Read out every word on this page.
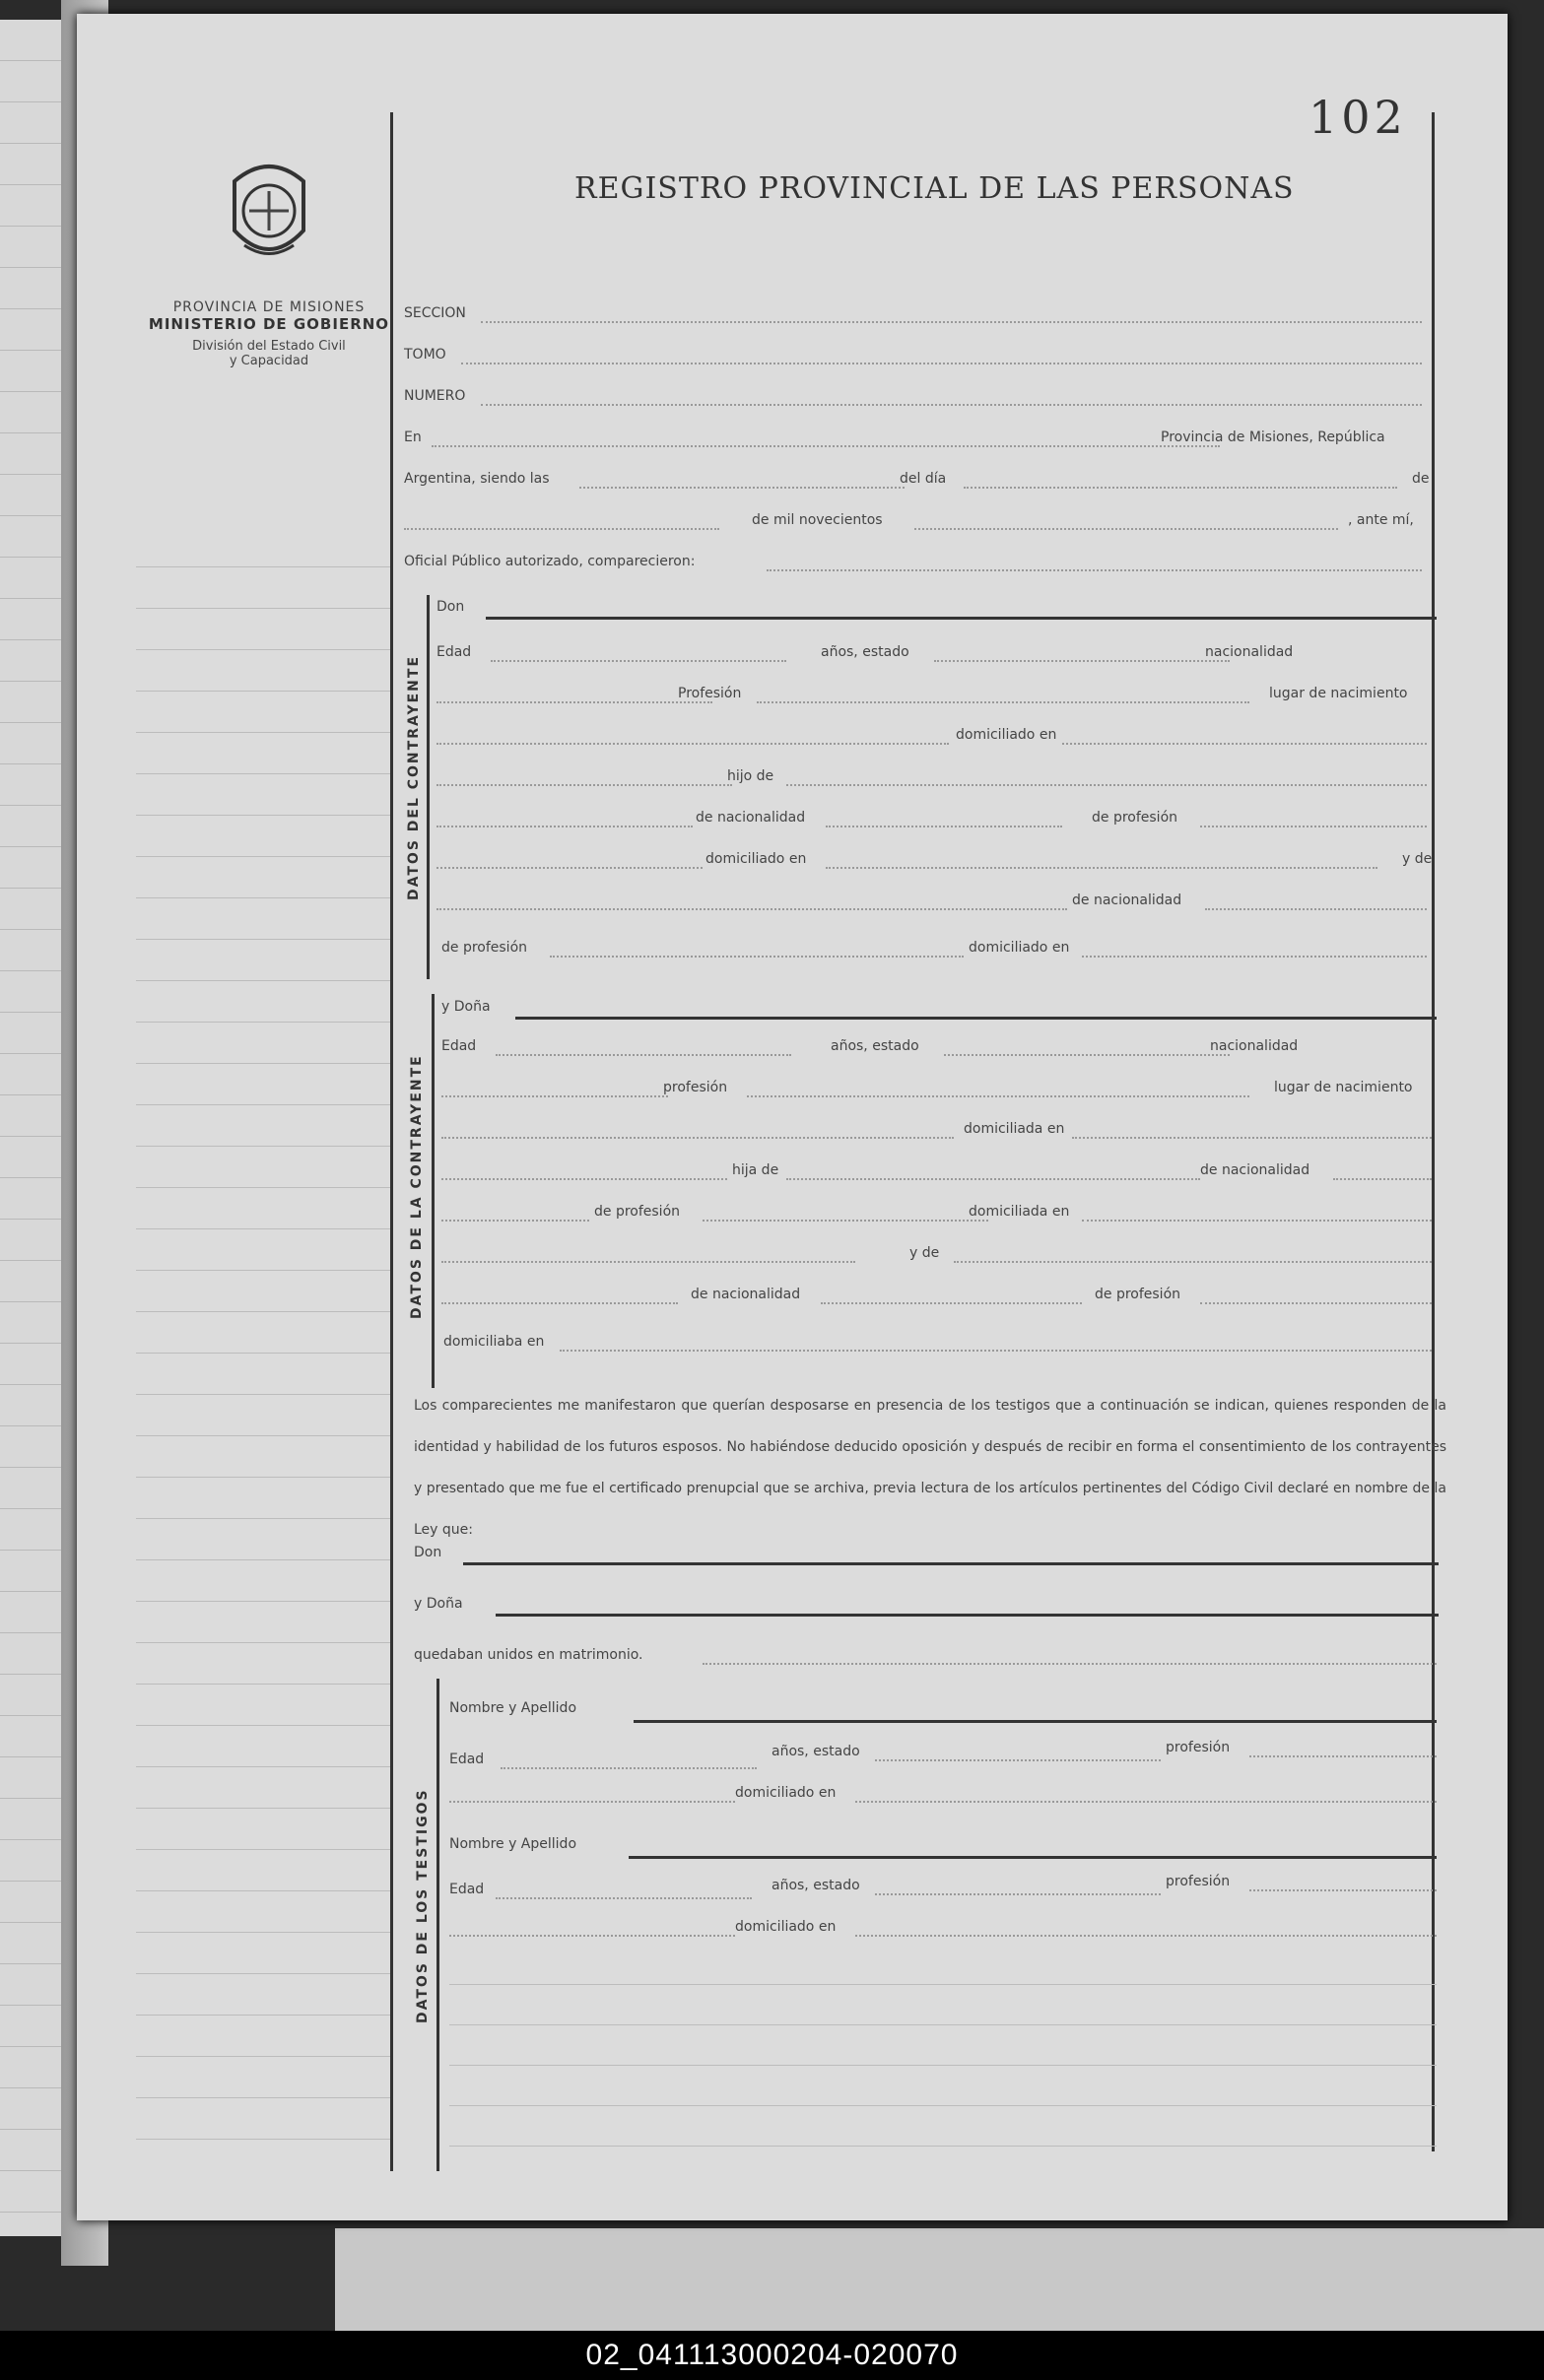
PROVINCIA DE MISIONES
MINISTERIO DE GOBIERNO
División del Estado Civil
y Capacidad
102
REGISTRO PROVINCIAL DE LAS PERSONAS
SECCION
TOMO
NUMERO
En	Provincia de Misiones, República
Argentina, siendo las	del día	de
de mil novecientos	, ante mí,
Oficial Público autorizado, comparecieron:
DATOS DEL CONTRAYENTE
Don
Edad	años, estado	nacionalidad
Profesión	lugar de nacimiento
domiciliado en
hijo de
de nacionalidad	de profesión
domiciliado en	y de
de nacionalidad
de profesión	domiciliado en
DATOS DE LA CONTRAYENTE
y Doña
Edad	años, estado	nacionalidad
profesión	lugar de nacimiento
domiciliada en
hija de	de nacionalidad
de profesión	domiciliada en
y de
de nacionalidad	de profesión
domiciliaba en
Los comparecientes me manifestaron que querían desposarse en presencia de los testigos que a continuación se indican, quienes responden de la identidad y habilidad de los futuros esposos. No habiéndose deducido oposición y después de recibir en forma el consentimiento de los contrayentes y presentado que me fue el certificado prenupcial que se archiva, previa lectura de los artículos pertinentes del Código Civil declaré en nombre de la Ley que:
Don
y Doña
quedaban unidos en matrimonio.
DATOS DE LOS TESTIGOS
Nombre y Apellido
Edad	años, estado	profesión
domiciliado en
Nombre y Apellido
Edad	años, estado	profesión
domiciliado en
02_041113000204-020070
